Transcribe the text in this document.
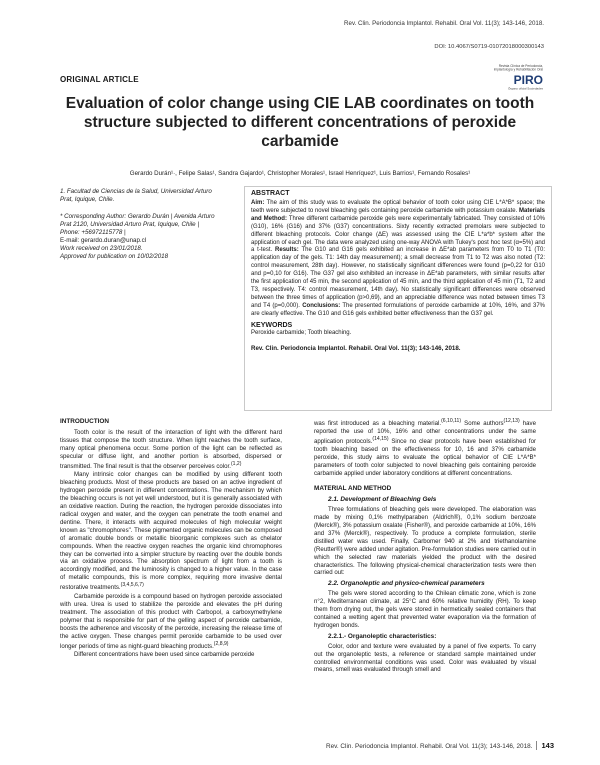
Rev. Clin. Periodoncia Implantol. Rehabil. Oral Vol. 11(3); 143-146, 2018.
DOI: 10.4067/S0719-01072018000300143
ORIGINAL ARTICLE
Revista Clínica de Periodoncia,
Implantología y Rehabilitación Oral
PIRO
Órgano oficial Sociedades
Evaluation of color change using CIE LAB coordinates on tooth structure subjected to different concentrations of peroxide carbamide
Gerardo Durán¹·, Felipe Salas¹, Sandra Gajardo¹, Christopher Morales¹, Israel Henríquez¹, Luis Barrios¹, Fernando Rosales¹
1. Facultad de Ciencias de la Salud, Universidad Arturo Prat, Iquique, Chile.
* Corresponding Author: Gerardo Durán | Avenida Arturo Prat 2120, Universidad Arturo Prat, Iquique, Chile | Phone: +56972115778 |
E-mail: gerardo.duran@unap.cl
Work received on 23/01/2018.
Approved for publication on 10/02/2018
ABSTRACT
Aim: The aim of this study was to evaluate the optical behavior of tooth color using CIE L*A*B* space; the teeth were subjected to novel bleaching gels containing peroxide carbamide with potassium oxalate. Materials and Method: Three different carbamide peroxide gels were experimentally fabricated. They consisted of 10% (G10), 16% (G16) and 37% (G37) concentrations. Sixty recently extracted premolars were subjected to different bleaching protocols. Color change (ΔE) was assessed using the CIE L*a*b* system after the application of each gel. The data were analyzed using one-way ANOVA with Tukey's post hoc test (α=5%) and a t-test. Results: The G10 and G16 gels exhibited an increase in ΔE*ab parameters from T0 to T1 (T0: application day of the gels. T1: 14th day measurement); a small decrease from T1 to T2 was also noted (T2: control measurement, 28th day). However, no statistically significant differences were found (p=0,22 for G10 and p=0,10 for G16). The G37 gel also exhibited an increase in ΔE*ab parameters, with similar results after the first application of 45 min, the second application of 45 min, and the third application of 45 min (T1, T2 and T3, respectively. T4: control measurement, 14th day). No statistically significant differences were observed between the three times of application (p>0,69), and an appreciable difference was noted between times T3 and T4 (p=0,000). Conclusions: The presented formulations of peroxide carbamide at 10%, 16%, and 37% are clearly effective. The G10 and G16 gels exhibited better effectiveness than the G37 gel.
KEYWORDS
Peroxide carbamide; Tooth bleaching.
Rev. Clin. Periodoncia Implantol. Rehabil. Oral Vol. 11(3); 143-146, 2018.
INTRODUCTION

Tooth color is the result of the interaction of light with the different hard tissues that compose the tooth structure. When light reaches the tooth surface, many optical phenomena occur. Some portion of the light can be reflected as specular or diffuse light, and another portion is absorbed, dispersed or transmitted. The final result is that the observer perceives color.$^{(1,2)}$

Many intrinsic color changes can be modified by using different tooth bleaching products. Most of these products are based on an active ingredient of hydrogen peroxide present in different concentrations. The mechanism by which the bleaching occurs is not yet well understood, but it is generally associated with an oxidative reaction. During the reaction, the hydrogen peroxide dissociates into radical oxygen and water, and the oxygen can penetrate the tooth enamel and dentine. There, it interacts with acquired molecules of high molecular weight known as "chromophores". These pigmented organic molecules can be composed of aromatic double bonds or metallic bioorganic complexes such as chelator compounds. When the reactive oxygen reaches the organic kind chromophores they can be converted into a simpler structure by reacting over the double bonds via an oxidative process. The absorption spectrum of light from a tooth is accordingly modified, and the luminosity is changed to a higher value. In the case of metallic compounds, this is more complex, requiring more invasive dental restorative treatments.$^{(3,4,5,6,7)}$

Carbamide peroxide is a compound based on hydrogen peroxide associated with urea. Urea is used to stabilize the peroxide and elevates the pH during treatment. The association of this product with Carbopol, a carboxymethylene polymer that is responsible for part of the gelling aspect of peroxide carbamide, boosts the adherence and viscosity of the peroxide, increasing the release time of the active oxygen. These changes permit peroxide carbamide to be used over longer periods of time as night-guard bleaching products.$^{(2,8,9)}$

Different concentrations have been used since carbamide peroxide

was first introduced as a bleaching material.$^{(6,10,11)}$ Some authors$^{(12,13)}$ have reported the use of 10%, 16% and other concentrations under the same application protocols.$^{(14,15)}$ Since no clear protocols have been established for tooth bleaching based on the effectiveness for 10, 16 and 37% carbamide peroxide, this study aims to evaluate the optical behavior of CIE L*A*B* parameters of tooth color subjected to novel bleaching gels containing peroxide carbamide applied under laboratory conditions at different concentrations.

MATERIAL AND METHOD
2.1. Development of Bleaching Gels

Three formulations of bleaching gels were developed. The elaboration was made by mixing 0,1% methylparaben (Aldrich®), 0,1% sodium benzoate (Merck®), 3% potassium oxalate (Fisher®), and peroxide carbamide at 10%, 16% and 37% (Merck®), respectively. To produce a complete formulation, sterile distilled water was used. Finally, Carbomer 940 at 2% and triethanolamine (Reutter®) were added under agitation. Pre-formulation studies were carried out in which the selected raw materials yielded the product with the desired characteristics. The following physical-chemical characterization tests were then carried out:

2.2. Organoleptic and physico-chemical parameters

The gels were stored according to the Chilean climatic zone, which is zone n°2, Mediterranean climate, at 25°C and 60% relative humidity (RH). To keep them from drying out, the gels were stored in hermetically sealed containers that contained a wetting agent that prevented water evaporation via the formation of hydrogen bonds.

2.2.1.- Organoleptic characteristics:

Color, odor and texture were evaluated by a panel of five experts. To carry out the organoleptic tests, a reference or standard sample maintained under controlled environmental conditions was used. Color was evaluated by visual means, smell was evaluated through smell and

Rev. Clin. Periodoncia Implantol. Rehabil. Oral Vol. 11(3); 143-146, 2018. 143
